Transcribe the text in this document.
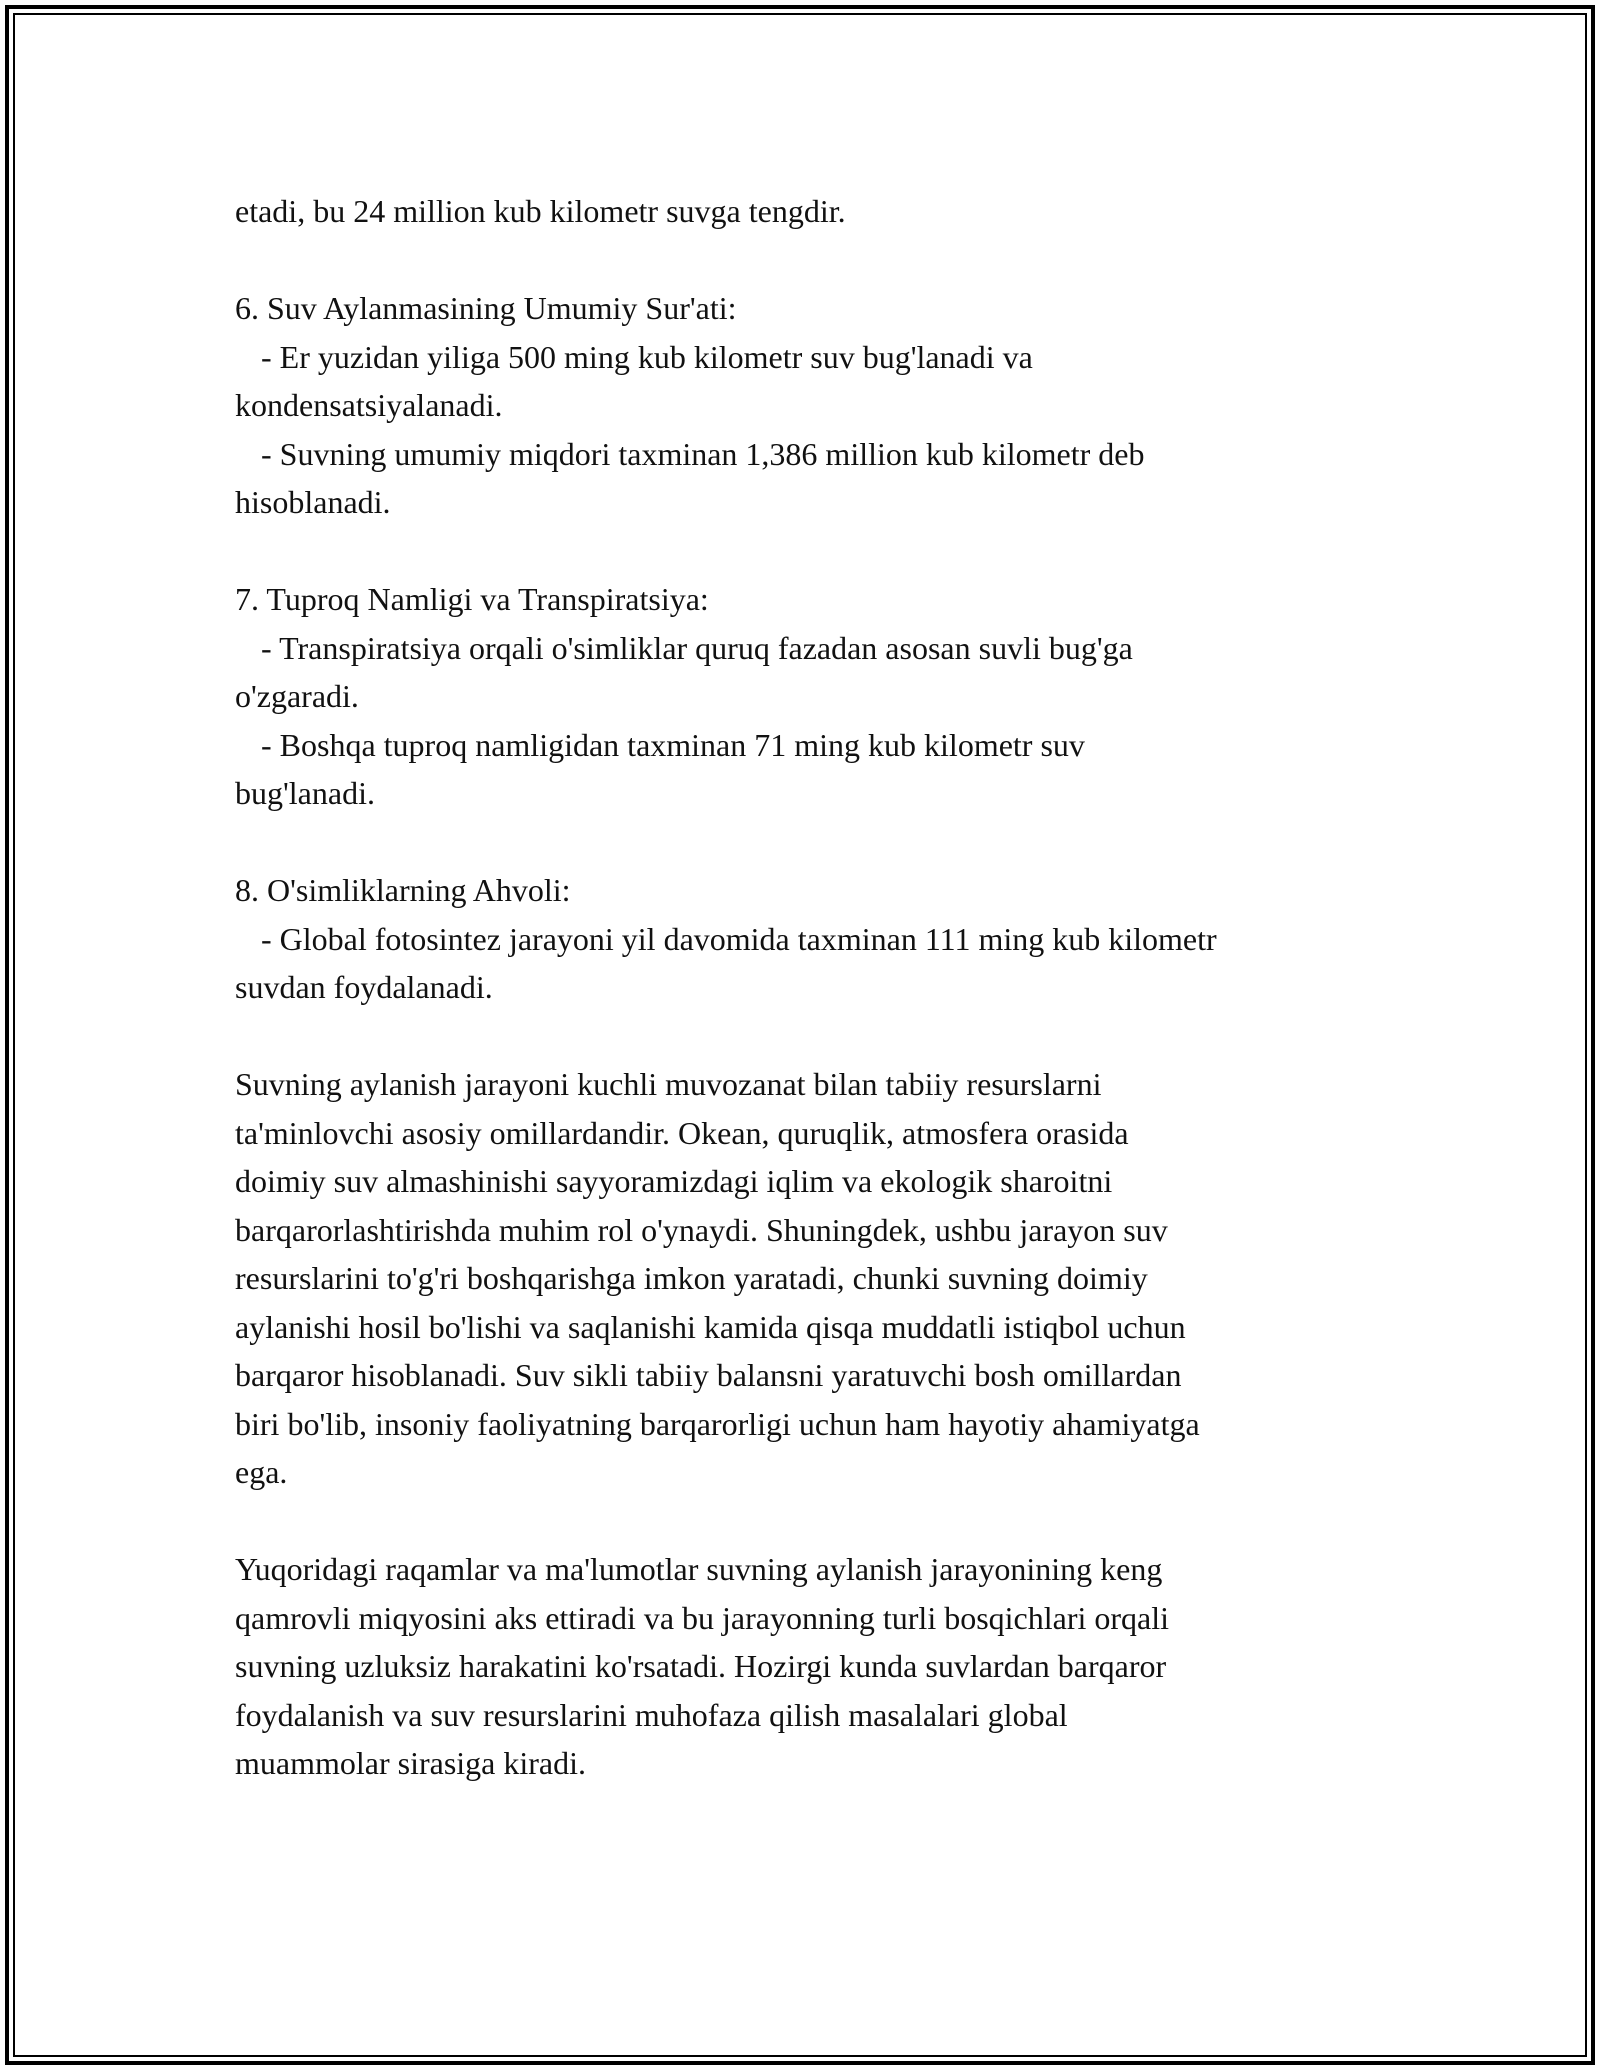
etadi, bu 24 million kub kilometr suvga tengdir.
6. Suv Aylanmasining Umumiy Sur'ati:
- Er yuzidan yiliga 500 ming kub kilometr suv bug'lanadi va
kondensatsiyalanadi.
- Suvning umumiy miqdori taxminan 1,386 million kub kilometr deb
hisoblanadi.
7. Tuproq Namligi va Transpiratsiya:
- Transpiratsiya orqali o'simliklar quruq fazadan asosan suvli bug'ga
o'zgaradi.
- Boshqa tuproq namligidan taxminan 71 ming kub kilometr suv
bug'lanadi.
8. O'simliklarning Ahvoli:
- Global fotosintez jarayoni yil davomida taxminan 111 ming kub kilometr
suvdan foydalanadi.
Suvning aylanish jarayoni kuchli muvozanat bilan tabiiy resurslarni
ta'minlovchi asosiy omillardandir. Okean, quruqlik, atmosfera orasida
doimiy suv almashinishi sayyoramizdagi iqlim va ekologik sharoitni
barqarorlashtirishda muhim rol o'ynaydi. Shuningdek, ushbu jarayon suv
resurslarini to'g'ri boshqarishga imkon yaratadi, chunki suvning doimiy
aylanishi hosil bo'lishi va saqlanishi kamida qisqa muddatli istiqbol uchun
barqaror hisoblanadi. Suv sikli tabiiy balansni yaratuvchi bosh omillardan
biri bo'lib, insoniy faoliyatning barqarorligi uchun ham hayotiy ahamiyatga
ega.
Yuqoridagi raqamlar va ma'lumotlar suvning aylanish jarayonining keng
qamrovli miqyosini aks ettiradi va bu jarayonning turli bosqichlari orqali
suvning uzluksiz harakatini ko'rsatadi. Hozirgi kunda suvlardan barqaror
foydalanish va suv resurslarini muhofaza qilish masalalari global
muammolar sirasiga kiradi.
